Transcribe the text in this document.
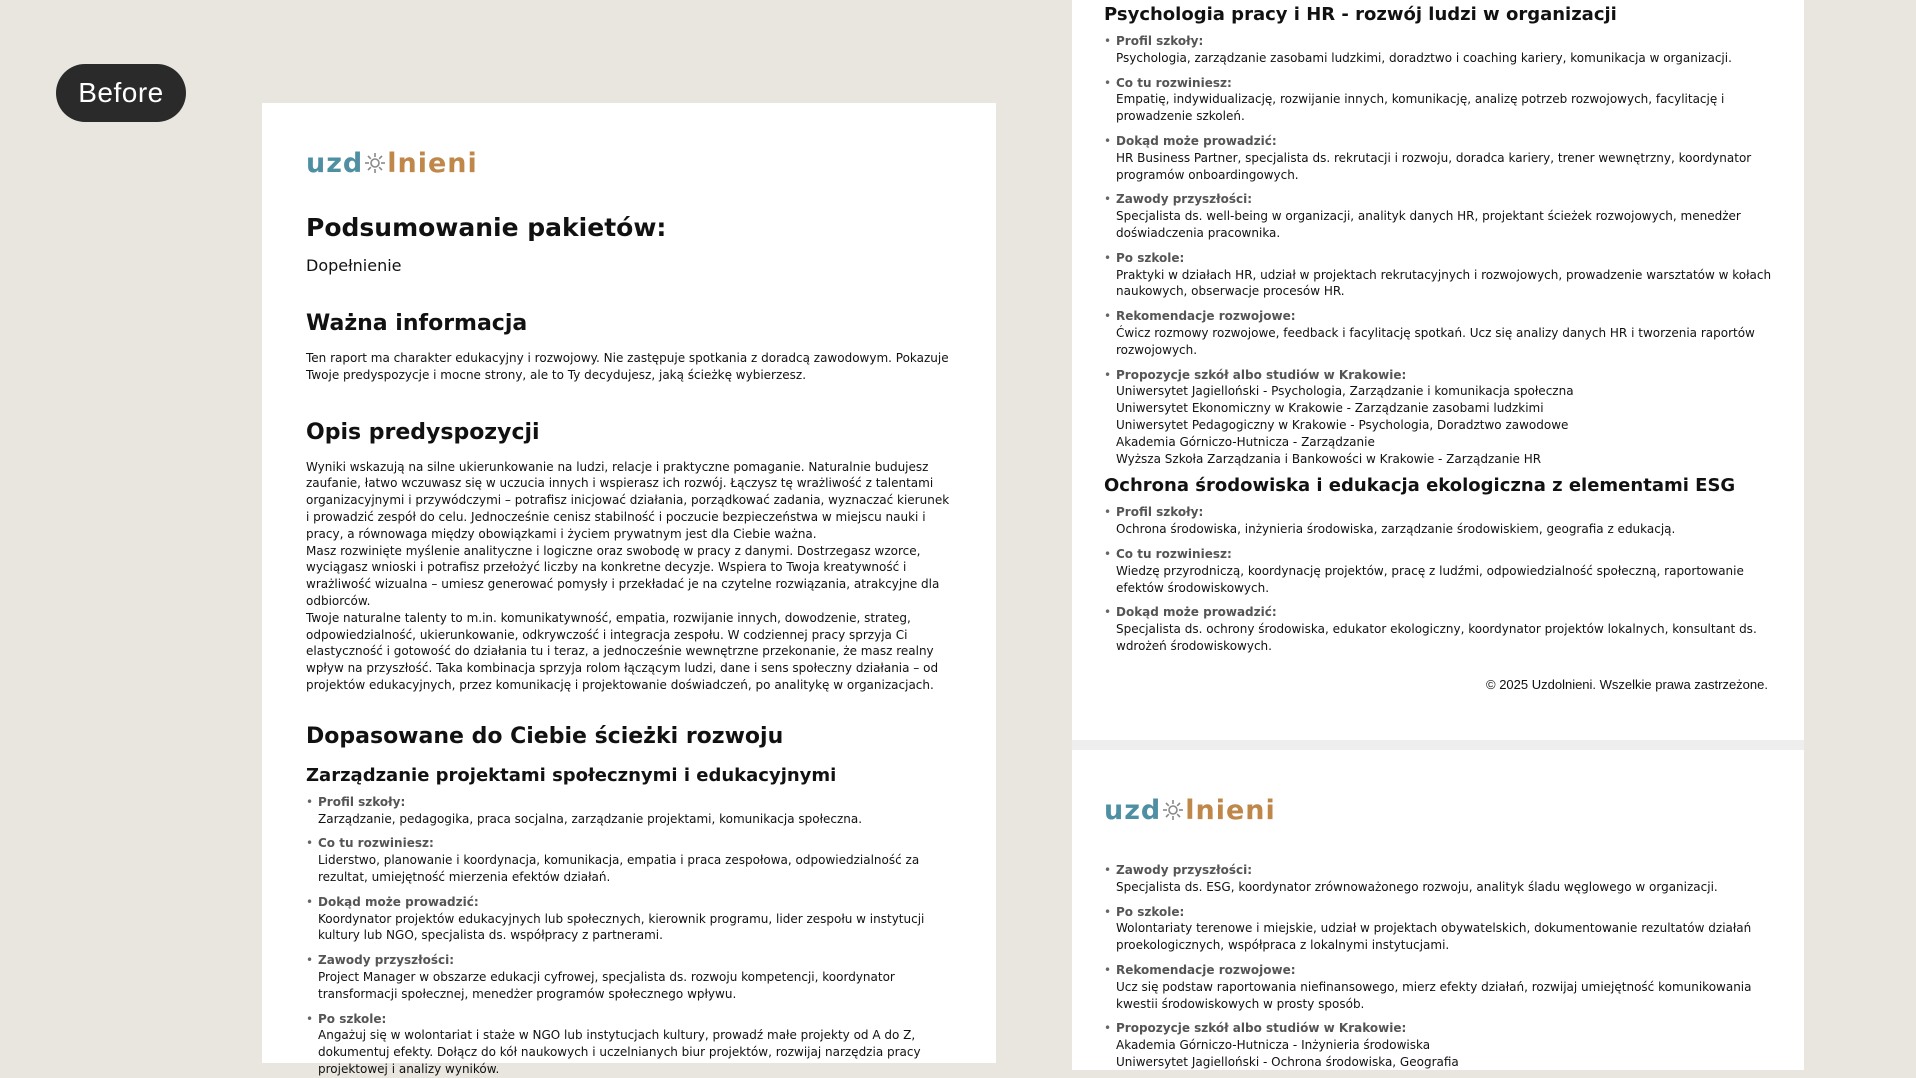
Before
uzd lnieni
Podsumowanie pakietów:
Dopełnienie
Ważna informacja
Ten raport ma charakter edukacyjny i rozwojowy. Nie zastępuje spotkania z doradcą zawodowym. Pokazuje Twoje predyspozycje i mocne strony, ale to Ty decydujesz, jaką ścieżkę wybierzesz.
Opis predyspozycji
Wyniki wskazują na silne ukierunkowanie na ludzi, relacje i praktyczne pomaganie. Naturalnie budujesz zaufanie, łatwo wczuwasz się w uczucia innych i wspierasz ich rozwój. Łączysz tę wrażliwość z talentami organizacyjnymi i przywódczymi – potrafisz inicjować działania, porządkować zadania, wyznaczać kierunek i prowadzić zespół do celu. Jednocześnie cenisz stabilność i poczucie bezpieczeństwa w miejscu nauki i pracy, a równowaga między obowiązkami i życiem prywatnym jest dla Ciebie ważna.
Masz rozwinięte myślenie analityczne i logiczne oraz swobodę w pracy z danymi. Dostrzegasz wzorce, wyciągasz wnioski i potrafisz przełożyć liczby na konkretne decyzje. Wspiera to Twoja kreatywność i wrażliwość wizualna – umiesz generować pomysły i przekładać je na czytelne rozwiązania, atrakcyjne dla odbiorców.
Twoje naturalne talenty to m.in. komunikatywność, empatia, rozwijanie innych, dowodzenie, strateg, odpowiedzialność, ukierunkowanie, odkrywczość i integracja zespołu. W codziennej pracy sprzyja Ci elastyczność i gotowość do działania tu i teraz, a jednocześnie wewnętrzne przekonanie, że masz realny wpływ na przyszłość. Taka kombinacja sprzyja rolom łączącym ludzi, dane i sens społeczny działania – od projektów edukacyjnych, przez komunikację i projektowanie doświadczeń, po analitykę w organizacjach.
Dopasowane do Ciebie ścieżki rozwoju
Zarządzanie projektami społecznymi i edukacyjnymi
• Profil szkoły:
Zarządzanie, pedagogika, praca socjalna, zarządzanie projektami, komunikacja społeczna.
• Co tu rozwiniesz:
Liderstwo, planowanie i koordynacja, komunikacja, empatia i praca zespołowa, odpowiedzialność za rezultat, umiejętność mierzenia efektów działań.
• Dokąd może prowadzić:
Koordynator projektów edukacyjnych lub społecznych, kierownik programu, lider zespołu w instytucji kultury lub NGO, specjalista ds. współpracy z partnerami.
• Zawody przyszłości:
Project Manager w obszarze edukacji cyfrowej, specjalista ds. rozwoju kompetencji, koordynator transformacji społecznej, menedżer programów społecznego wpływu.
• Po szkole:
Angażuj się w wolontariat i staże w NGO lub instytucjach kultury, prowadź małe projekty od A do Z, dokumentuj efekty. Dołącz do kół naukowych i uczelnianych biur projektów, rozwijaj narzędzia pracy projektowej i analizy wyników.
Psychologia pracy i HR - rozwój ludzi w organizacji
• Profil szkoły:
Psychologia, zarządzanie zasobami ludzkimi, doradztwo i coaching kariery, komunikacja w organizacji.
• Co tu rozwiniesz:
Empatię, indywidualizację, rozwijanie innych, komunikację, analizę potrzeb rozwojowych, facylitację i prowadzenie szkoleń.
• Dokąd może prowadzić:
HR Business Partner, specjalista ds. rekrutacji i rozwoju, doradca kariery, trener wewnętrzny, koordynator programów onboardingowych.
• Zawody przyszłości:
Specjalista ds. well-being w organizacji, analityk danych HR, projektant ścieżek rozwojowych, menedżer doświadczenia pracownika.
• Po szkole:
Praktyki w działach HR, udział w projektach rekrutacyjnych i rozwojowych, prowadzenie warsztatów w kołach naukowych, obserwacje procesów HR.
• Rekomendacje rozwojowe:
Ćwicz rozmowy rozwojowe, feedback i facylitację spotkań. Ucz się analizy danych HR i tworzenia raportów rozwojowych.
• Propozycje szkół albo studiów w Krakowie:
Uniwersytet Jagielloński - Psychologia, Zarządzanie i komunikacja społeczna
Uniwersytet Ekonomiczny w Krakowie - Zarządzanie zasobami ludzkimi
Uniwersytet Pedagogiczny w Krakowie - Psychologia, Doradztwo zawodowe
Akademia Górniczo-Hutnicza - Zarządzanie
Wyższa Szkoła Zarządzania i Bankowości w Krakowie - Zarządzanie HR
Ochrona środowiska i edukacja ekologiczna z elementami ESG
• Profil szkoły:
Ochrona środowiska, inżynieria środowiska, zarządzanie środowiskiem, geografia z edukacją.
• Co tu rozwiniesz:
Wiedzę przyrodniczą, koordynację projektów, pracę z ludźmi, odpowiedzialność społeczną, raportowanie efektów środowiskowych.
• Dokąd może prowadzić:
Specjalista ds. ochrony środowiska, edukator ekologiczny, koordynator projektów lokalnych, konsultant ds. wdrożeń środowiskowych.
© 2025 Uzdolnieni. Wszelkie prawa zastrzeżone.
uzd lnieni
• Zawody przyszłości:
Specjalista ds. ESG, koordynator zrównoważonego rozwoju, analityk śladu węglowego w organizacji.
• Po szkole:
Wolontariaty terenowe i miejskie, udział w projektach obywatelskich, dokumentowanie rezultatów działań proekologicznych, współpraca z lokalnymi instytucjami.
• Rekomendacje rozwojowe:
Ucz się podstaw raportowania niefinansowego, mierz efekty działań, rozwijaj umiejętność komunikowania kwestii środowiskowych w prosty sposób.
• Propozycje szkół albo studiów w Krakowie:
Akademia Górniczo-Hutnicza - Inżynieria środowiska
Uniwersytet Jagielloński - Ochrona środowiska, Geografia
